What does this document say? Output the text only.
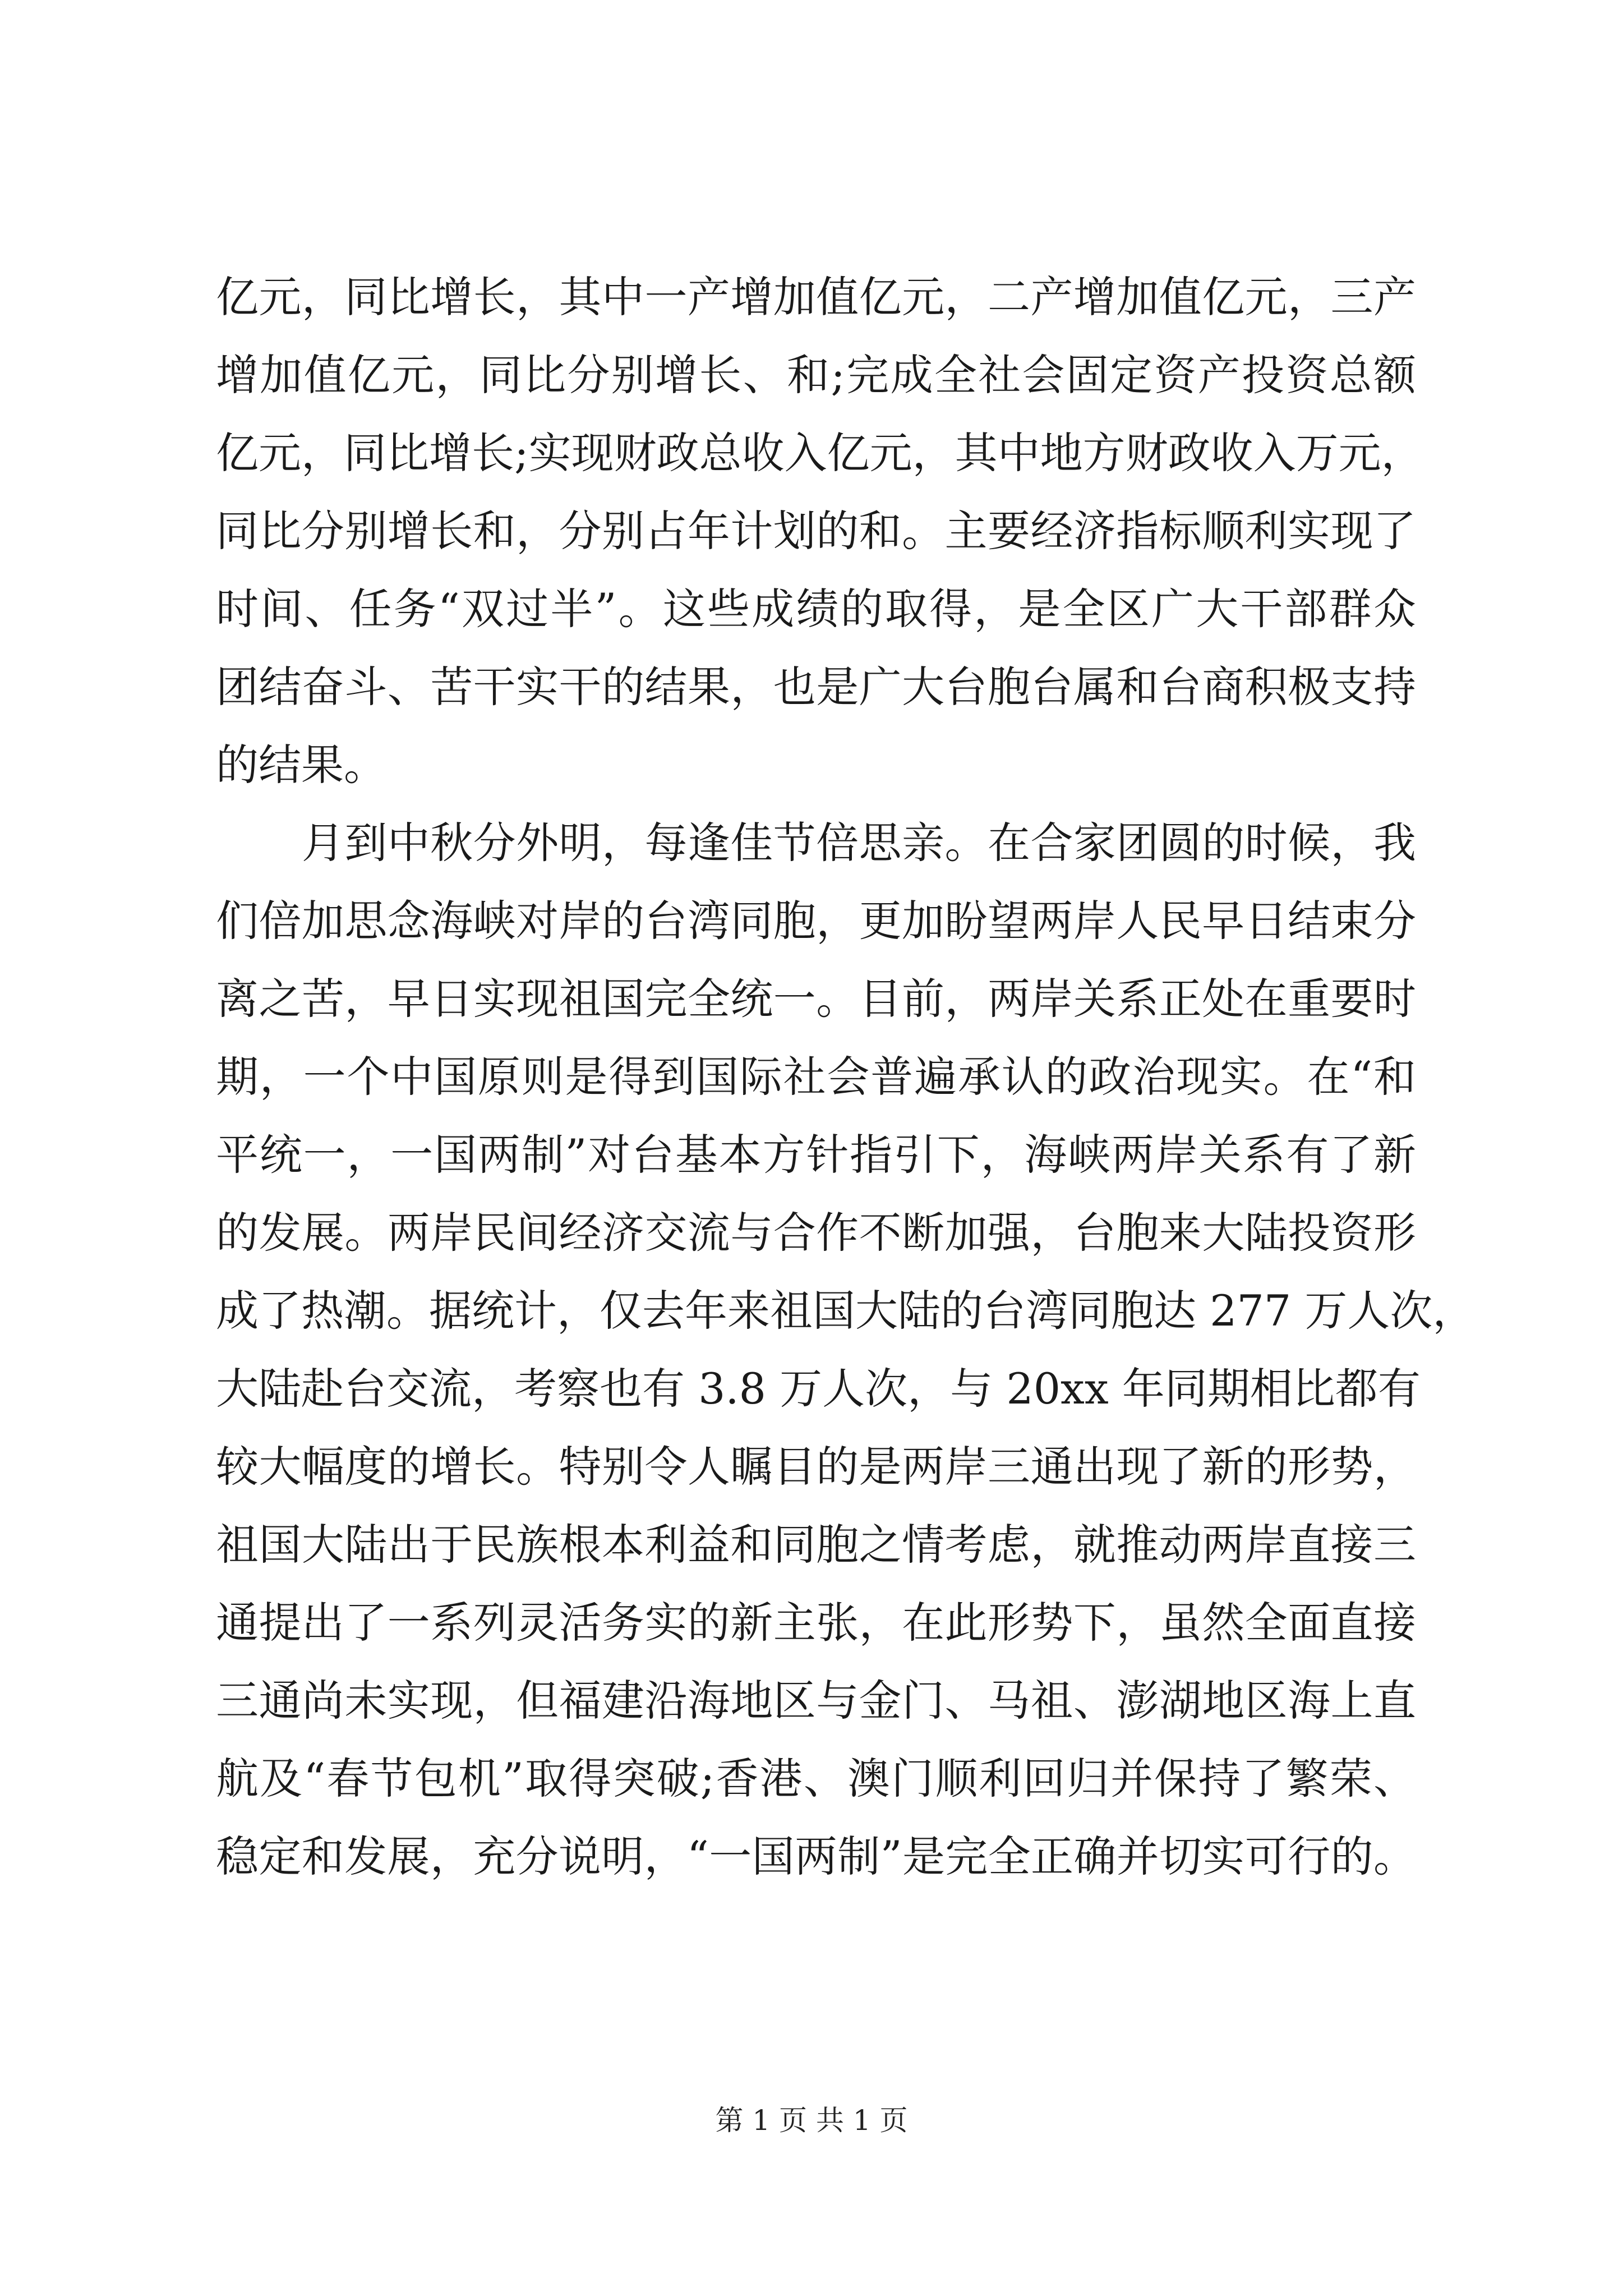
亿元，同比增长，其中一产增加值亿元，二产增加值亿元，三产
增加值亿元，同比分别增长、和;完成全社会固定资产投资总额
亿元，同比增长;实现财政总收入亿元，其中地方财政收入万元，
同比分别增长和，分别占年计划的和。主要经济指标顺利实现了
时间、任务“双过半”。这些成绩的取得，是全区广大干部群众
团结奋斗、苦干实干的结果，也是广大台胞台属和台商积极支持
的结果。
　　月到中秋分外明，每逢佳节倍思亲。在合家团圆的时候，我
们倍加思念海峡对岸的台湾同胞，更加盼望两岸人民早日结束分
离之苦，早日实现祖国完全统一。目前，两岸关系正处在重要时
期，一个中国原则是得到国际社会普遍承认的政治现实。在“和
平统一，一国两制”对台基本方针指引下，海峡两岸关系有了新
的发展。两岸民间经济交流与合作不断加强，台胞来大陆投资形
成了热潮。据统计，仅去年来祖国大陆的台湾同胞达 277 万人次，
大陆赴台交流，考察也有 3.8 万人次，与 20xx 年同期相比都有
较大幅度的增长。特别令人瞩目的是两岸三通出现了新的形势，
祖国大陆出于民族根本利益和同胞之情考虑，就推动两岸直接三
通提出了一系列灵活务实的新主张，在此形势下，虽然全面直接
三通尚未实现，但福建沿海地区与金门、马祖、澎湖地区海上直
航及“春节包机”取得突破;香港、澳门顺利回归并保持了繁荣、
稳定和发展，充分说明，“一国两制”是完全正确并切实可行的。
第 1 页 共 1 页
